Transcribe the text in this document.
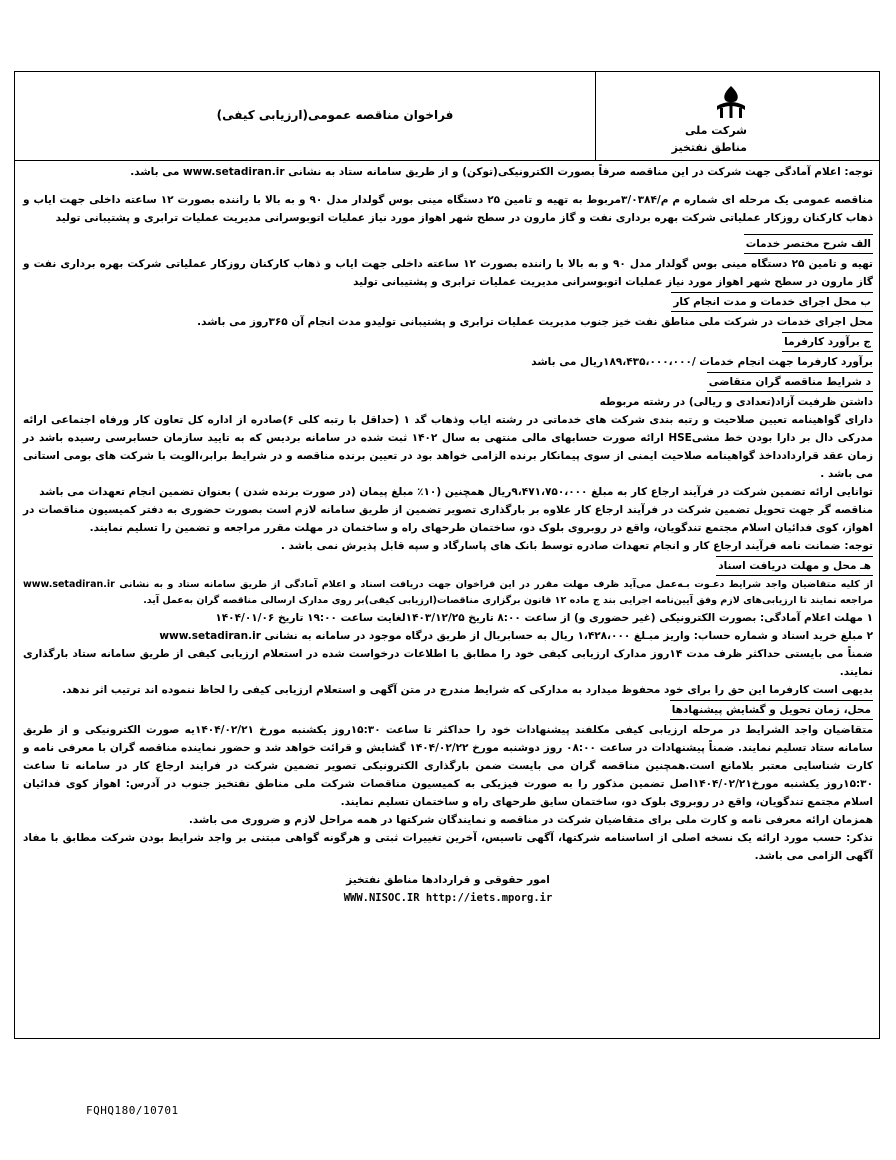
فراخوان مناقصه عمومی(ارزیابی کیفی)
شرکت ملی
مناطق نفتخیز

توجه: اعلام آمادگی جهت شرکت در این مناقصه صرفاً بصورت الکترونیکی(توکن) و از طریق سامانه ستاد به نشانی www.setadiran.ir می باشد.

مناقصه عمومی یک مرحله ای شماره م م/۳/۰۳۸۴مربوط به تهیه و تامین ۲۵ دستگاه مینی بوس گولدار مدل ۹۰ و به بالا با راننده بصورت ۱۲ ساعته داخلی جهت ایاب و ذهاب کارکنان روزکار عملیاتی شرکت بهره برداری نفت و گاز مارون در سطح شهر اهواز مورد نیاز عملیات اتوبوسرانی مدیریت عملیات ترابری و پشتیبانی تولید

الف شرح مختصر خدمات

تهیه و تامین ۲۵ دستگاه مینی بوس گولدار مدل ۹۰ و به بالا با راننده بصورت ۱۲ ساعته داخلی جهت ایاب و ذهاب کارکنان روزکار عملیاتی شرکت بهره برداری نفت و گاز مارون در سطح شهر اهواز مورد نیاز عملیات اتوبوسرانی مدیریت عملیات ترابری و پشتیبانی تولید

ب محل اجرای خدمات و مدت انجام کار

محل اجرای خدمات در شرکت ملی مناطق نفت خیز جنوب مدیریت عملیات ترابری و پشتیبانی تولیدو مدت انجام آن ۳۶۵روز می باشد.

ج برآورد کارفرما

برآورد کارفرما جهت انجام خدمات /۱۸۹،۴۳۵،۰۰۰،۰۰۰ریال می باشد

د شرایط مناقصه گران متقاضی

داشتن ظرفیت آزاد(تعدادی و ریالی) در رشته مربوطه

دارای گواهینامه تعیین صلاحیت و رتبه بندی شرکت های خدماتی در رشته ایاب وذهاب گد ۱ (حداقل با رتبه کلی ۶)صادره از اداره کل تعاون کار ورفاه اجتماعی ارائه مدرکی دال بر دارا بودن خط مشیHSE ارائه صورت حسابهای مالی منتهی به سال ۱۴۰۲ ثبت شده در سامانه بردیس که به تایید سازمان حسابرسی رسیده باشد در زمان عقد قراردادداخذ گواهینامه صلاحیت ایمنی از سوی پیمانکار برنده الزامی خواهد بود در تعیین برنده مناقصه و در شرایط برابر،الویت با شرکت های بومی استانی می باشد .

توانایی ارائه تضمین شرکت در فرآیند ارجاع کار به مبلغ ۹،۴۷۱،۷۵۰،۰۰۰ریال همچنین (۱۰٪ مبلغ پیمان (در صورت برنده شدن ) بعنوان تضمین انجام تعهدات می باشد

مناقصه گر جهت تحویل تضمین شرکت در فرآیند ارجاع کار علاوه بر بارگذاری تصویر تضمین از طریق سامانه لازم است بصورت حضوری به دفتر کمیسیون مناقصات در اهواز، کوی فدائیان اسلام مجتمع تندگویان، واقع در روبروی بلوک دو، ساختمان طرحهای راه و ساختمان در مهلت مقرر مراجعه و تضمین را تسلیم نمایند.

توجه: ضمانت نامه فرآیند ارجاع کار و انجام تعهدات صادره توسط بانک های پاسارگاد و سپه قابل پذیرش نمی باشد .

هـ محل و مهلت دریافت اسناد

از کلیه متقاضیان واجد شرایط دعـوت بـه‌عمل می‌آید ظرف مهلت مقرر در این فراخوان جهت دریافت اسناد و اعلام آمادگی از طریق سامانه ستاد و به نشانی www.setadiran.ir مراجعه نمایند تا ارزیابی‌های لازم وفق آیین‌نامه اجرایی بند ج ماده ۱۲ قانون برگزاری مناقصات(ارزیابی کیفی)بر روی مدارک ارسالی مناقصه گران به‌عمل آید.

۱ مهلت اعلام آمادگی: بصورت الکترونیکی (غیر حضوری و) از ساعت ۸:۰۰ تاریخ ۱۴۰۳/۱۲/۲۵لغایت ساعت ۱۹:۰۰ تاریخ ۱۴۰۴/۰۱/۰۶

۲ مبلغ خرید اسناد و شماره حساب: واریز مبـلغ ۱،۴۲۸،۰۰۰ ریال به حسابریال از طریق درگاه موجود در سامانه به نشانی www.setadiran.ir

ضمناً می بایستی حداکثر ظرف مدت ۱۴روز مدارک ارزیابی کیفی خود را مطابق با اطلاعات درخواست شده در استعلام ارزیابی کیفی از طریق سامانه ستاد بارگذاری نمایند.

بدیهی است کارفرما این حق را برای خود محفوظ میدارد به مدارکی که شرایط مندرج در متن آگهی و استعلام ارزیابی کیفی را لحاظ ننموده اند ترتیب اثر ندهد.

محل، زمان تحویل و گشایش پیشنهادها

متقاضیان واجد الشرایط در مرحله ارزیابی کیفی مکلفند پیشنهادات خود را حداکثر تا ساعت ۱۵:۳۰روز یکشنبه مورخ ۱۴۰۴/۰۲/۲۱یه صورت الکترونیکی و از طریق سامانه ستاد تسلیم نمایند. ضمناً پیشنهادات در ساعت ۰۸:۰۰ روز دوشنبه مورخ ۱۴۰۴/۰۲/۲۲ گشایش و قرائت خواهد شد و حضور نماینده مناقصه گران با معرفی نامه و کارت شناسایی معتبر بلامانع است.همچنین مناقصه گران می بایست ضمن بارگذاری الکترونیکی تصویر تضمین شرکت در فرایند ارجاع کار در سامانه تا ساعت ۱۵:۳۰روز یکشنبه مورخ۱۴۰۴/۰۲/۲۱اصل تضمین مذکور را به صورت فیزیکی به کمیسیون مناقصات شرکت ملی مناطق نفتخیز جنوب در آدرس: اهواز کوی فدائیان اسلام مجتمع تندگویان، واقع در روبروی بلوک دو، ساختمان سایق طرحهای راه و ساختمان تسلیم نمایند.

همزمان ارائه معرفی نامه و کارت ملی برای متقاضیان شرکت در مناقصه و نمایندگان شرکتها در همه مراحل لازم و ضروری می باشد.

تذکر: حسب مورد ارائه یک نسخه اصلی از اساسنامه شرکتها، آگهی تاسیس، آخرین تغییرات ثبتی و هرگونه گواهی مبتنی بر واجد شرایط بودن شرکت مطابق با مفاد آگهی الزامی می باشد.

امور حقوقی و قراردادها مناطق نفتخیز

WWW.NISOC.IR http://iets.mporg.ir

FQHQ180/10701
